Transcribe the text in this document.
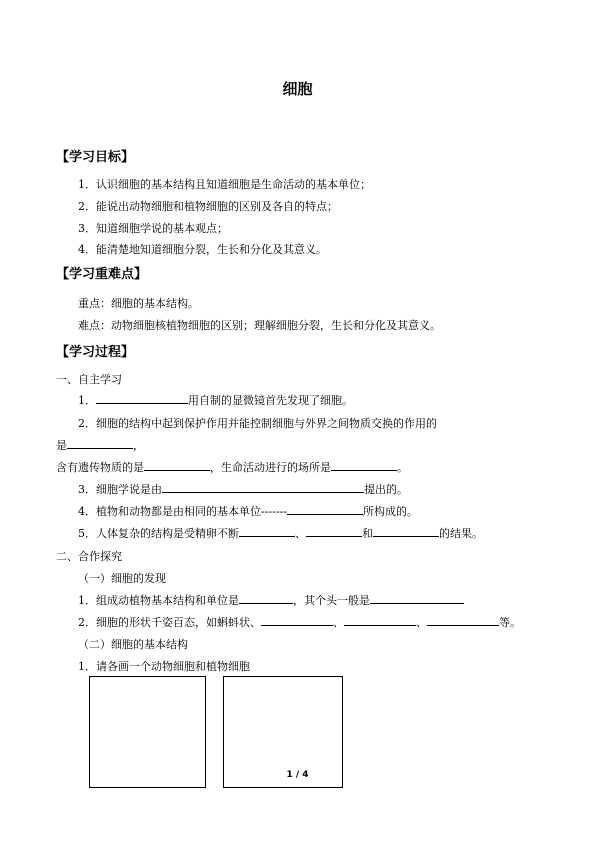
细胞
【学习目标】
1．认识细胞的基本结构且知道细胞是生命活动的基本单位；
2．能说出动物细胞和植物细胞的区别及各自的特点；
3．知道细胞学说的基本观点；
4．能清楚地知道细胞分裂，生长和分化及其意义。
【学习重难点】
重点：细胞的基本结构。
难点：动物细胞核植物细胞的区别；理解细胞分裂，生长和分化及其意义。
【学习过程】
一、自主学习
1．	用自制的显微镜首先发现了细胞。
2．细胞的结构中起到保护作用并能控制细胞与外界之间物质交换的作用的
是	，
含有遗传物质的是	，生命活动进行的场所是	。
3．细胞学说是由	提出的。
4．植物和动物都是由相同的基本单位-------	所构成的。
5．人体复杂的结构是受精卵不断	、	和	的结果。
二、合作探究
（一）细胞的发现
1．组成动植物基本结构和单位是	，其个头一般是
2．细胞的形状千姿百态，如蝌蚪状、	、	、	等。
（二）细胞的基本结构
1．请各画一个动物细胞和植物细胞
1 / 4
